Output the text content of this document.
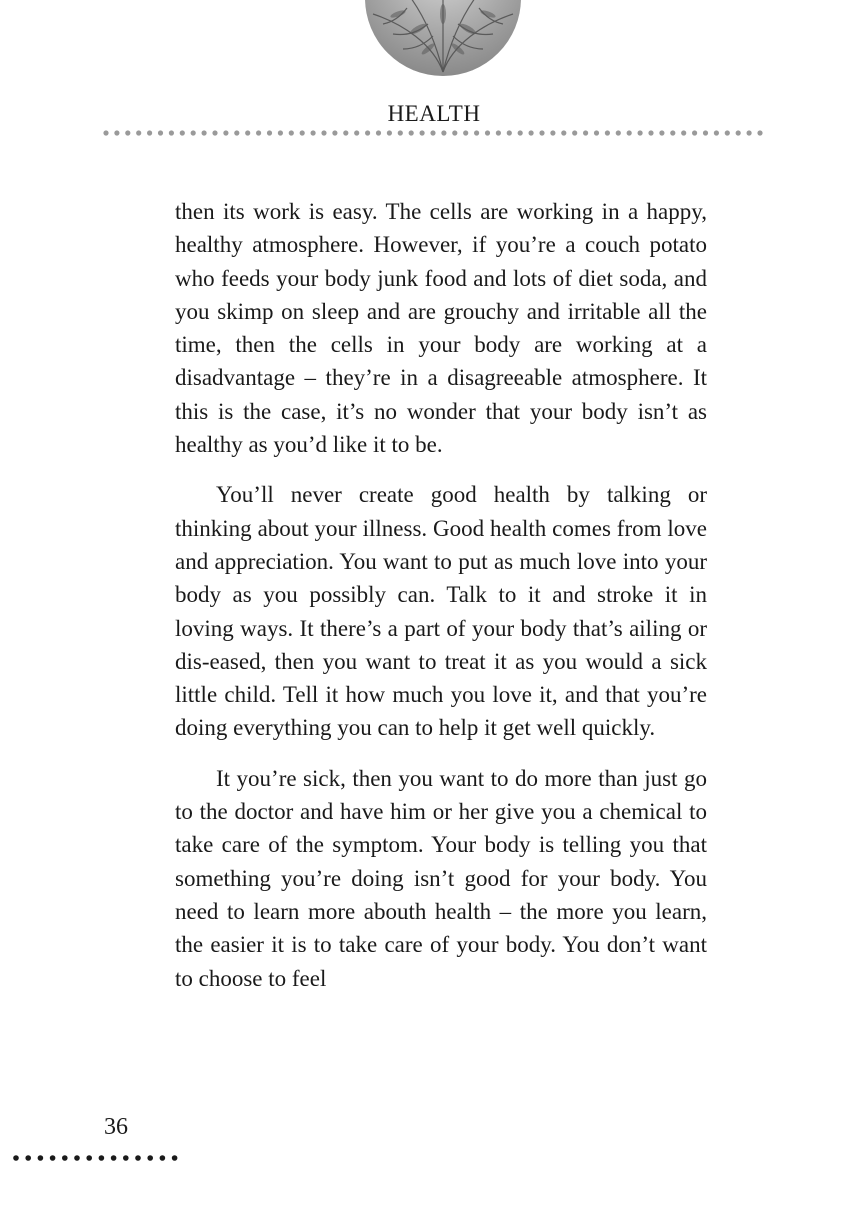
HEALTH

then its work is easy. The cells are working in a happy, healthy atmosphere. However, if you’re a couch potato who feeds your body junk food and lots of diet soda, and you skimp on sleep and are grouchy and irritable all the time, then the cells in your body are working at a disadvantage – they’re in a disagreeable atmosphere. It this is the case, it’s no wonder that your body isn’t as healthy as you’d like it to be.

You’ll never create good health by talking or thinking about your illness. Good health comes from love and appreciation. You want to put as much love into your body as you possibly can. Talk to it and stroke it in loving ways. It there’s a part of your body that’s ailing or dis-eased, then you want to treat it as you would a sick little child. Tell it how much you love it, and that you’re doing everything you can to help it get well quickly.

It you’re sick, then you want to do more than just go to the doctor and have him or her give you a chemical to take care of the symptom. Your body is telling you that something you’re doing isn’t good for your body. You need to learn more abouth health – the more you learn, the easier it is to take care of your body. You don’t want to choose to feel

36
